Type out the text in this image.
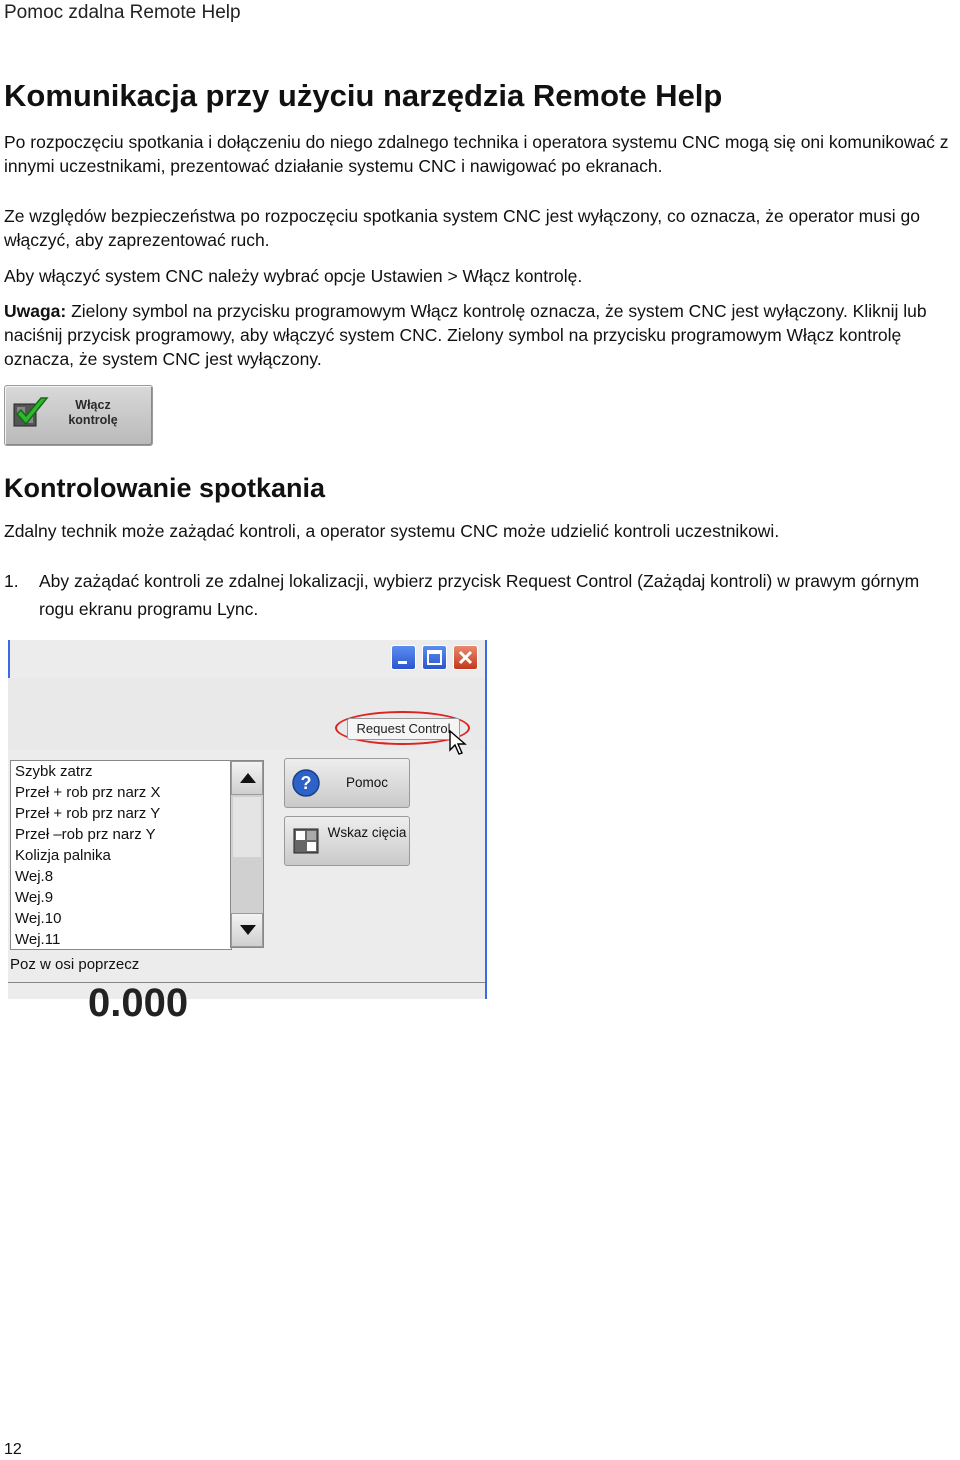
Pomoc zdalna Remote Help
Komunikacja przy użyciu narzędzia Remote Help
Po rozpoczęciu spotkania i dołączeniu do niego zdalnego technika i operatora systemu CNC mogą się oni komunikować z innymi uczestnikami, prezentować działanie systemu CNC i nawigować po ekranach.
Ze względów bezpieczeństwa po rozpoczęciu spotkania system CNC jest wyłączony, co oznacza, że operator musi go włączyć, aby zaprezentować ruch.
Aby włączyć system CNC należy wybrać opcje Ustawien > Włącz kontrolę.
Uwaga: Zielony symbol na przycisku programowym Włącz kontrolę oznacza, że system CNC jest wyłączony. Kliknij lub naciśnij przycisk programowy, aby włączyć system CNC. Zielony symbol na przycisku programowym Włącz kontrolę oznacza, że system CNC jest wyłączony.
Włącz kontrolę
Kontrolowanie spotkania
Zdalny technik może zażądać kontroli, a operator systemu CNC może udzielić kontroli uczestnikowi.
1. Aby zażądać kontroli ze zdalnej lokalizacji, wybierz przycisk Request Control (Zażądaj kontroli) w prawym górnym rogu ekranu programu Lync.
Request Control
Szybk zatrz
Przeł + rob prz narz X
Przeł + rob prz narz Y
Przeł –rob prz narz Y
Kolizja palnika
Wej.8
Wej.9
Wej.10
Wej.11
?	Pomoc
Wskaz cięcia
Poz w osi poprzecz
0.000
12
